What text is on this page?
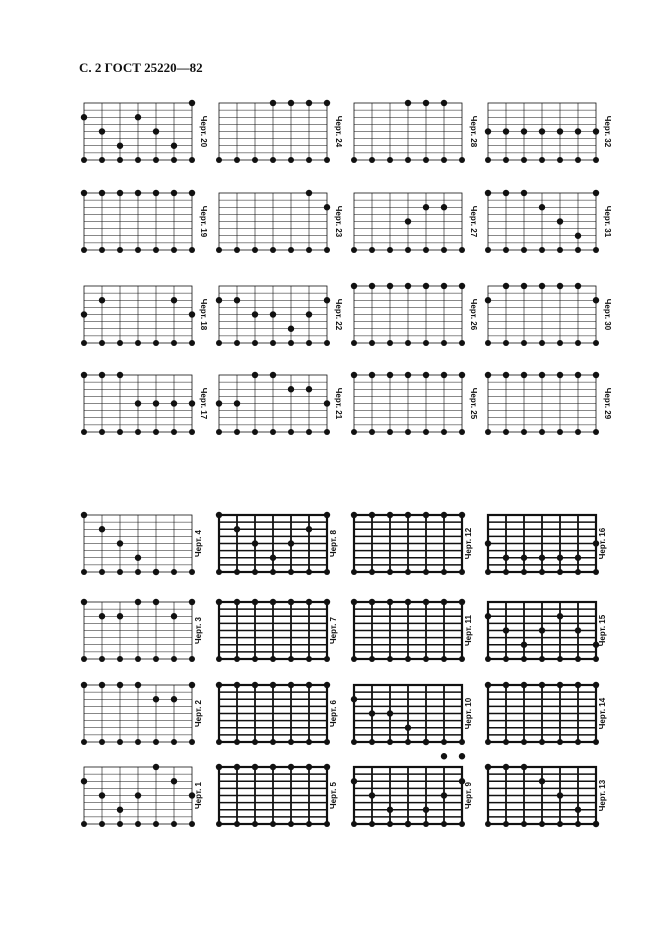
С. 2 ГОСТ 25220—82
Черт. 20
Черт. 19
Черт. 18
Черт. 17
Черт. 24
Черт. 23
Черт. 22
Черт. 21
Черт. 28
Черт. 27
Черт. 26
Черт. 25
Черт. 32
Черт. 31
Черт. 30
Черт. 29
Черт. 4
Черт. 3
Черт. 2
Черт. 1
Черт. 8
Черт. 7
Черт. 6
Черт. 5
Черт. 12
Черт. 11
Черт. 10
Черт. 9
Черт. 16
Черт. 15
Черт. 14
Черт. 13
